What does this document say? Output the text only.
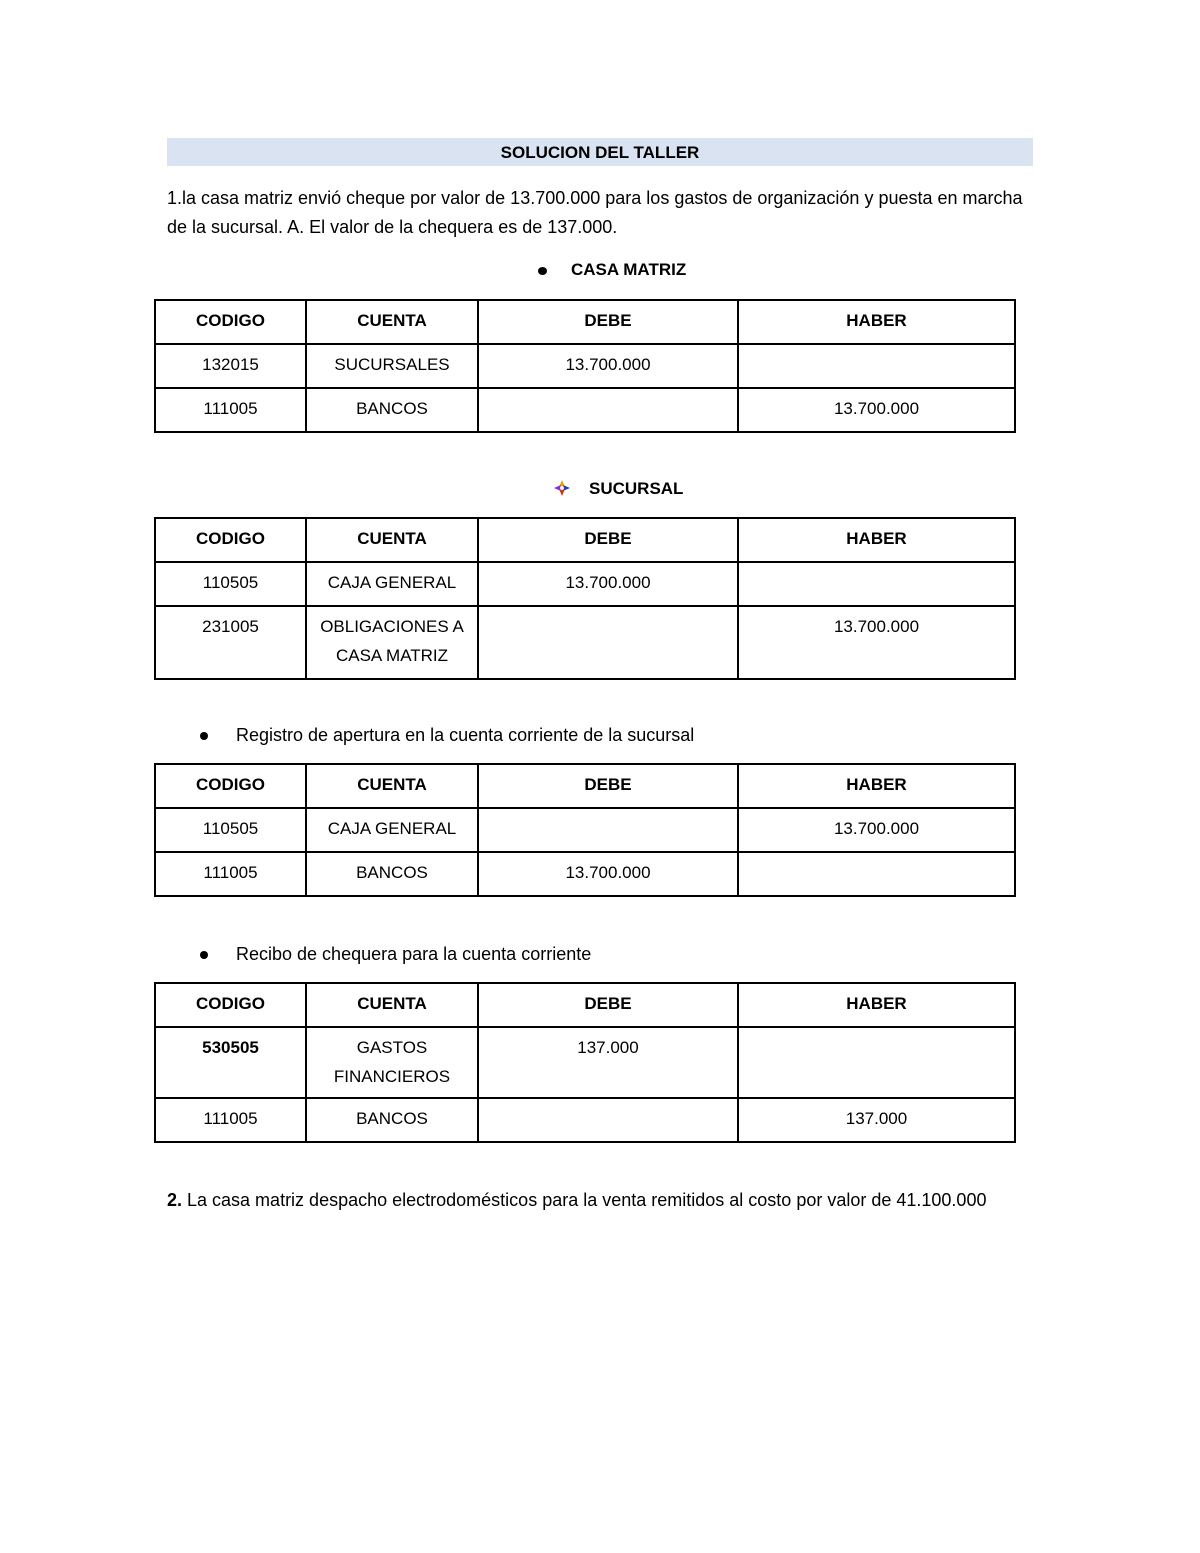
SOLUCION DEL TALLER

1.la casa matriz envió cheque por valor de 13.700.000 para los gastos de organización y puesta en marcha de la sucursal. A. El valor de la chequera es de 137.000.

CASA MATRIZ
CODIGO	CUENTA	DEBE	HABER
132015	SUCURSALES	13.700.000	
111005	BANCOS		13.700.000
SUCURSAL
CODIGO	CUENTA	DEBE	HABER
110505	CAJA GENERAL	13.700.000	
231005	OBLIGACIONES A CASA MATRIZ		13.700.000
Registro de apertura en la cuenta corriente de la sucursal
CODIGO	CUENTA	DEBE	HABER
110505	CAJA GENERAL		13.700.000
111005	BANCOS	13.700.000	
Recibo de chequera para la cuenta corriente
CODIGO	CUENTA	DEBE	HABER
530505	GASTOS FINANCIEROS	137.000	
111005	BANCOS		137.000

2. La casa matriz despacho electrodomésticos para la venta remitidos al costo por valor de 41.100.000
